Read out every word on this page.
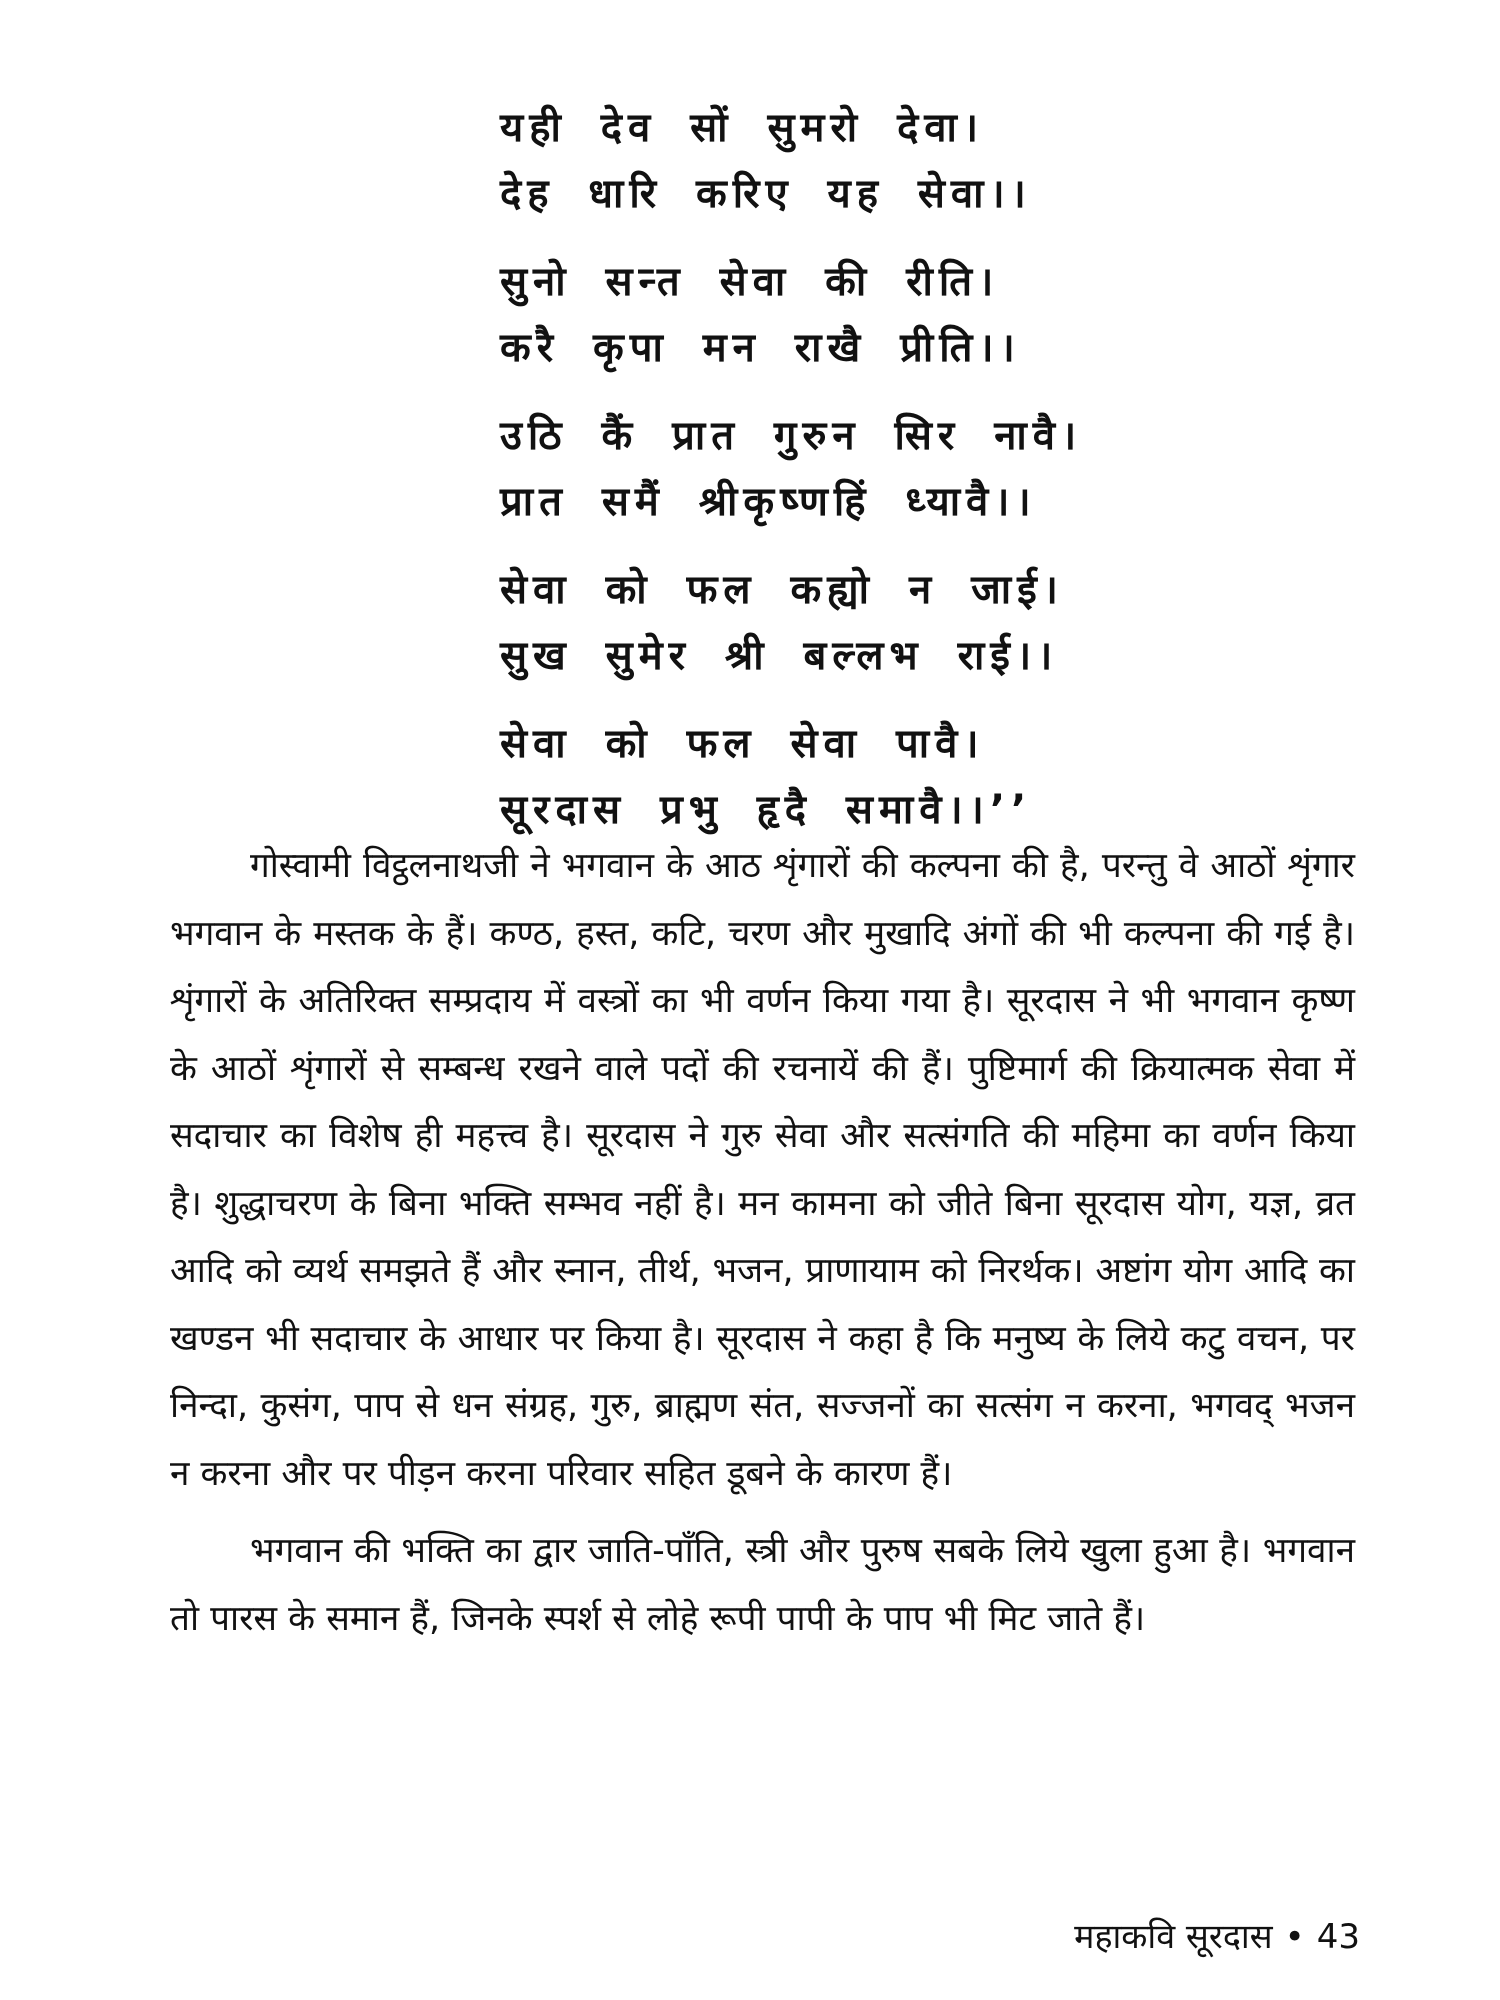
यही देव सों सुमरो देवा।
देह धारि करिए यह सेवा।।
सुनो सन्त सेवा की रीति।
करै कृपा मन राखै प्रीति।।
उठि कैं प्रात गुरुन सिर नावै।
प्रात समैं श्रीकृष्णहिं ध्यावै।।
सेवा को फल कह्यो न जाई।
सुख सुमेर श्री बल्लभ राई।।
सेवा को फल सेवा पावै।
सूरदास प्रभु हृदै समावै।।’’

गोस्वामी विट्ठलनाथजी ने भगवान के आठ शृंगारों की कल्पना की है, परन्तु वे आठों शृंगार भगवान के मस्तक के हैं। कण्ठ, हस्त, कटि, चरण और मुखादि अंगों की भी कल्पना की गई है। शृंगारों के अतिरिक्त सम्प्रदाय में वस्त्रों का भी वर्णन किया गया है। सूरदास ने भी भगवान कृष्ण के आठों शृंगारों से सम्बन्ध रखने वाले पदों की रचनायें की हैं। पुष्टिमार्ग की क्रियात्मक सेवा में सदाचार का विशेष ही महत्त्व है। सूरदास ने गुरु सेवा और सत्संगति की महिमा का वर्णन किया है। शुद्धाचरण के बिना भक्ति सम्भव नहीं है। मन कामना को जीते बिना सूरदास योग, यज्ञ, व्रत आदि को व्यर्थ समझते हैं और स्नान, तीर्थ, भजन, प्राणायाम को निरर्थक। अष्टांग योग आदि का खण्डन भी सदाचार के आधार पर किया है। सूरदास ने कहा है कि मनुष्य के लिये कटु वचन, पर निन्दा, कुसंग, पाप से धन संग्रह, गुरु, ब्राह्मण संत, सज्जनों का सत्संग न करना, भगवद् भजन न करना और पर पीड़न करना परिवार सहित डूबने के कारण हैं।

भगवान की भक्ति का द्वार जाति-पाँति, स्त्री और पुरुष सबके लिये खुला हुआ है। भगवान तो पारस के समान हैं, जिनके स्पर्श से लोहे रूपी पापी के पाप भी मिट जाते हैं।

महाकवि सूरदास • 43
